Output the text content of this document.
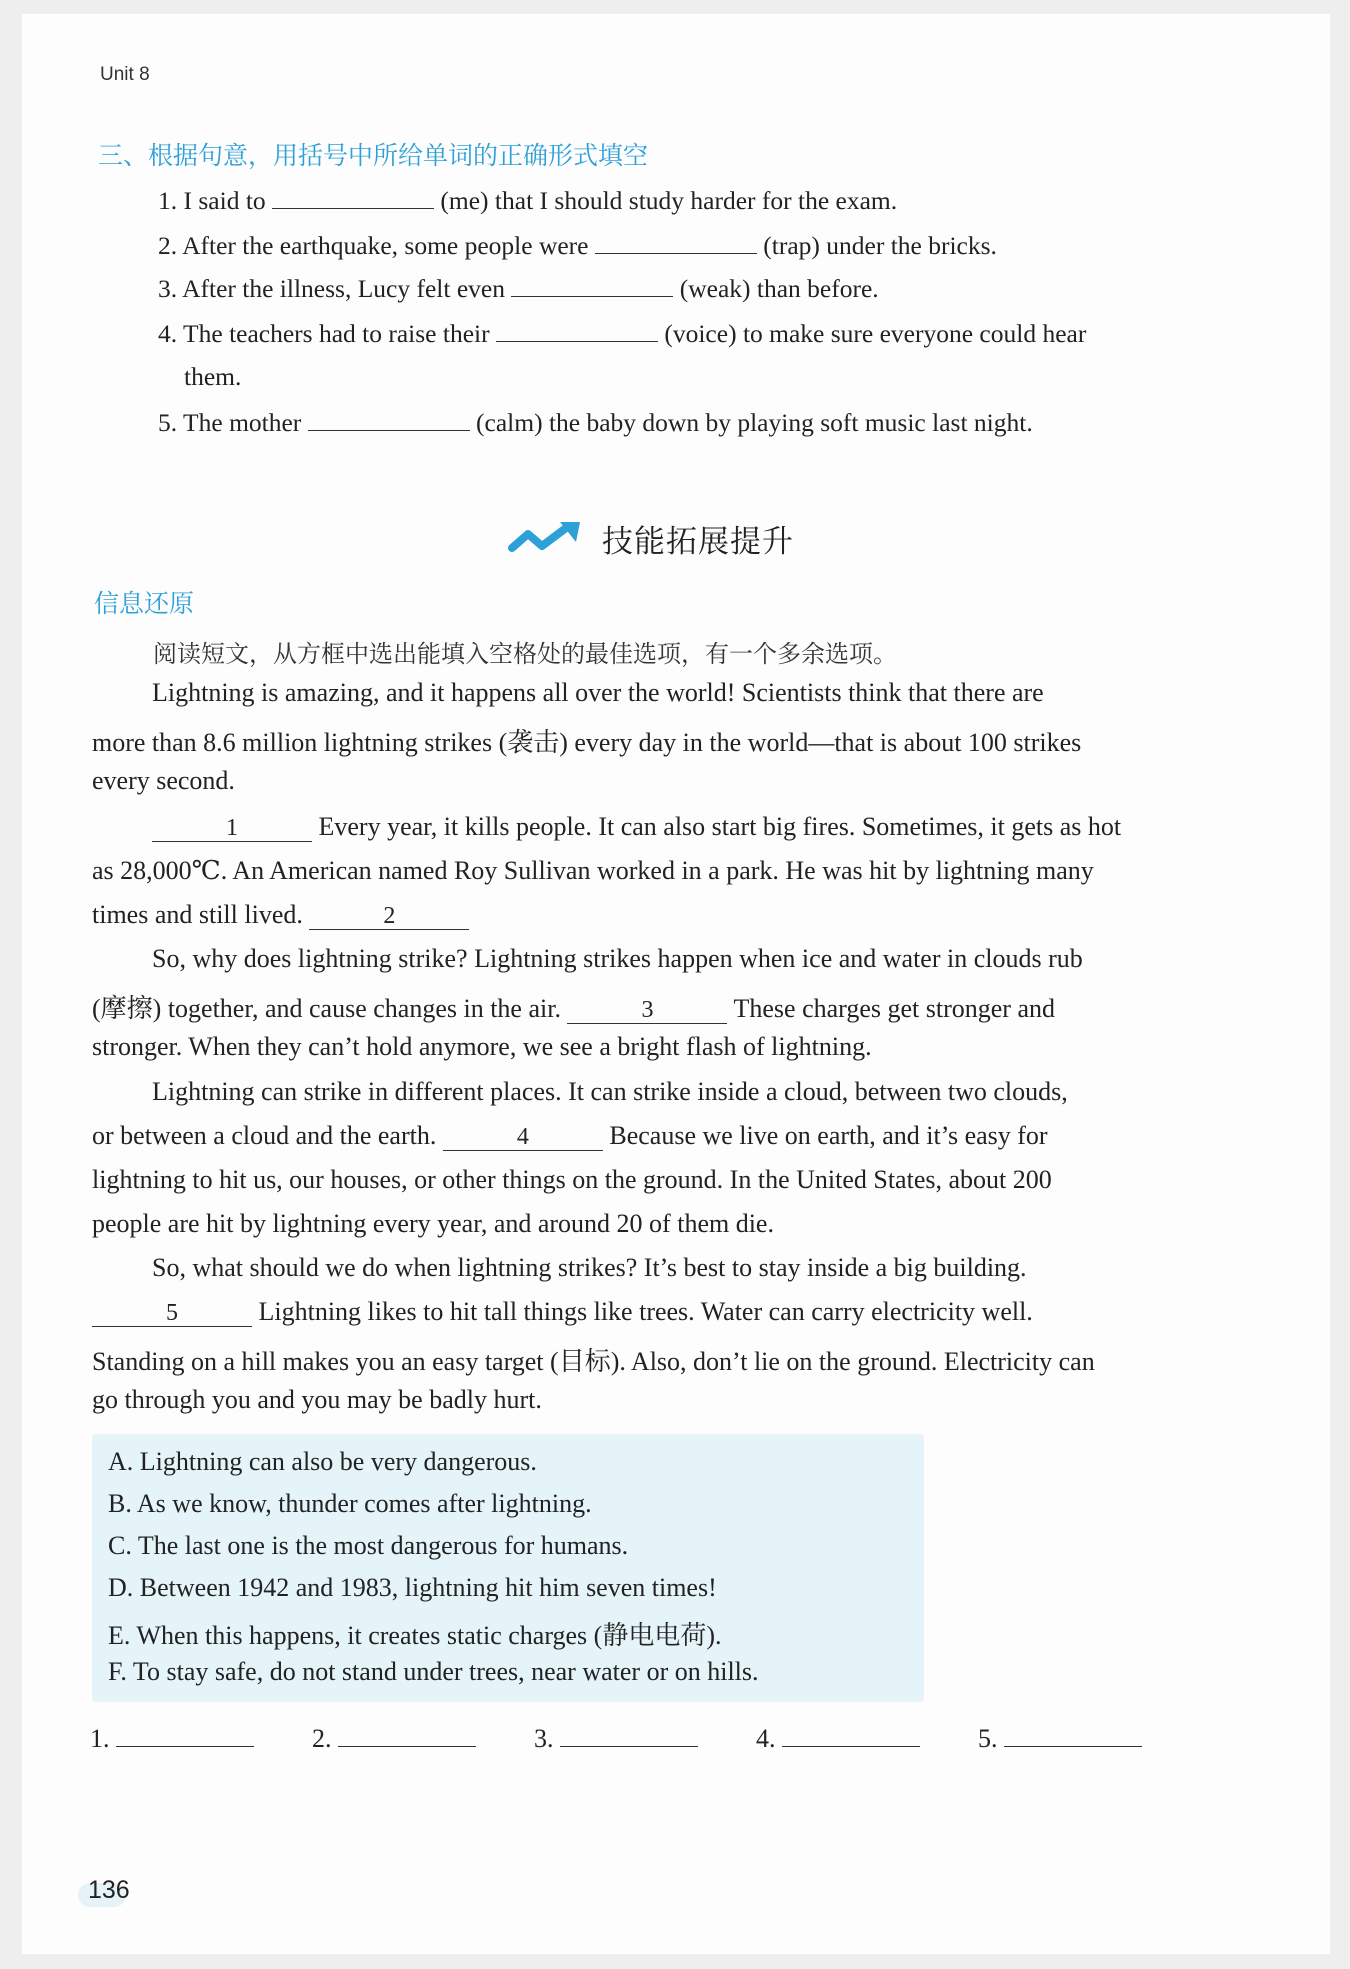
Unit 8
三、根据句意，用括号中所给单词的正确形式填空
1. I said to	(me) that I should study harder for the exam.
2. After the earthquake, some people were	(trap) under the bricks.
3. After the illness, Lucy felt even	(weak) than before.
4. The teachers had to raise their	(voice) to make sure everyone could hear
them.
5. The mother	(calm) the baby down by playing soft music last night.
技能拓展提升
信息还原
阅读短文，从方框中选出能填入空格处的最佳选项，有一个多余选项。
Lightning is amazing, and it happens all over the world! Scientists think that there are
more than 8.6 million lightning strikes (袭击) every day in the world—that is about 100 strikes
every second.
1	Every year, it kills people. It can also start big fires. Sometimes, it gets as hot
as 28,000℃. An American named Roy Sullivan worked in a park. He was hit by lightning many
times and still lived.	2
So, why does lightning strike? Lightning strikes happen when ice and water in clouds rub
(摩擦) together, and cause changes in the air.	3	These charges get stronger and
stronger. When they can’t hold anymore, we see a bright flash of lightning.
Lightning can strike in different places. It can strike inside a cloud, between two clouds,
or between a cloud and the earth.	4	Because we live on earth, and it’s easy for
lightning to hit us, our houses, or other things on the ground. In the United States, about 200
people are hit by lightning every year, and around 20 of them die.
So, what should we do when lightning strikes? It’s best to stay inside a big building.
5	Lightning likes to hit tall things like trees. Water can carry electricity well.
Standing on a hill makes you an easy target (目标). Also, don’t lie on the ground. Electricity can
go through you and you may be badly hurt.
A. Lightning can also be very dangerous.
B. As we know, thunder comes after lightning.
C. The last one is the most dangerous for humans.
D. Between 1942 and 1983, lightning hit him seven times!
E. When this happens, it creates static charges (静电电荷).
F. To stay safe, do not stand under trees, near water or on hills.
1.	2.	3.	4.	5.
136
